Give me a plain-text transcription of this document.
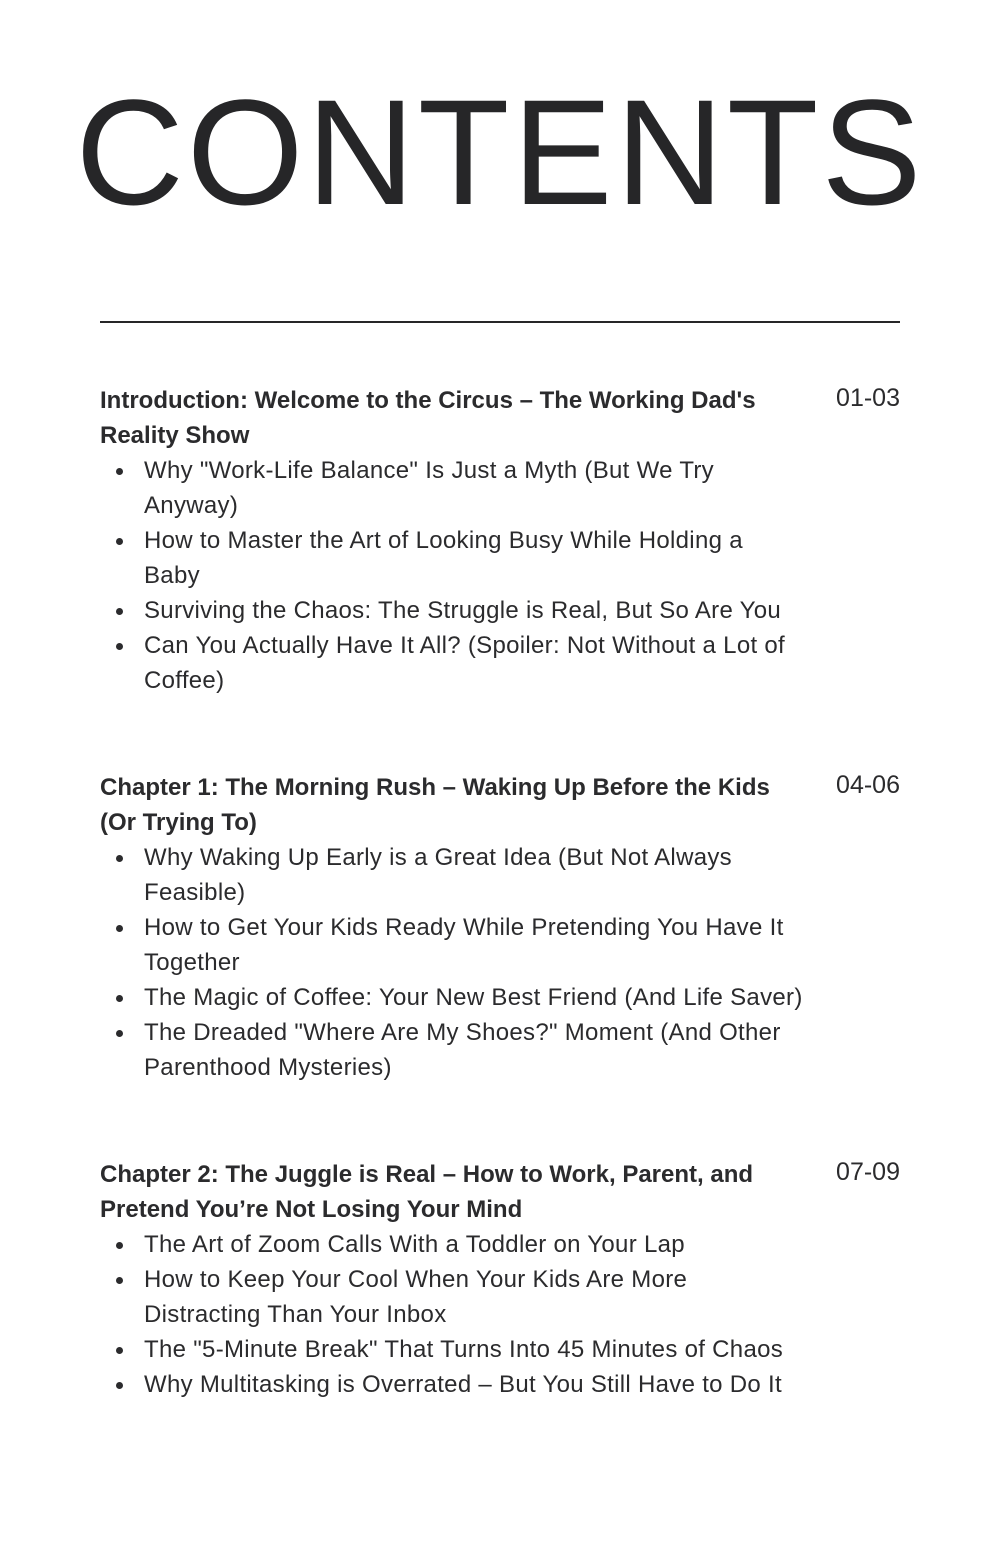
CONTENTS

Introduction: Welcome to the Circus – The Working Dad's Reality Show

01-03
Why "Work-Life Balance" Is Just a Myth (But We Try Anyway)
How to Master the Art of Looking Busy While Holding a Baby
Surviving the Chaos: The Struggle is Real, But So Are You
Can You Actually Have It All? (Spoiler: Not Without a Lot of Coffee)

Chapter 1: The Morning Rush – Waking Up Before the Kids (Or Trying To)

04-06
Why Waking Up Early is a Great Idea (But Not Always Feasible)
How to Get Your Kids Ready While Pretending You Have It Together
The Magic of Coffee: Your New Best Friend (And Life Saver)
The Dreaded "Where Are My Shoes?" Moment (And Other Parenthood Mysteries)

Chapter 2: The Juggle is Real – How to Work, Parent, and Pretend You’re Not Losing Your Mind

07-09
The Art of Zoom Calls With a Toddler on Your Lap
How to Keep Your Cool When Your Kids Are More Distracting Than Your Inbox
The "5-Minute Break" That Turns Into 45 Minutes of Chaos
Why Multitasking is Overrated – But You Still Have to Do It
